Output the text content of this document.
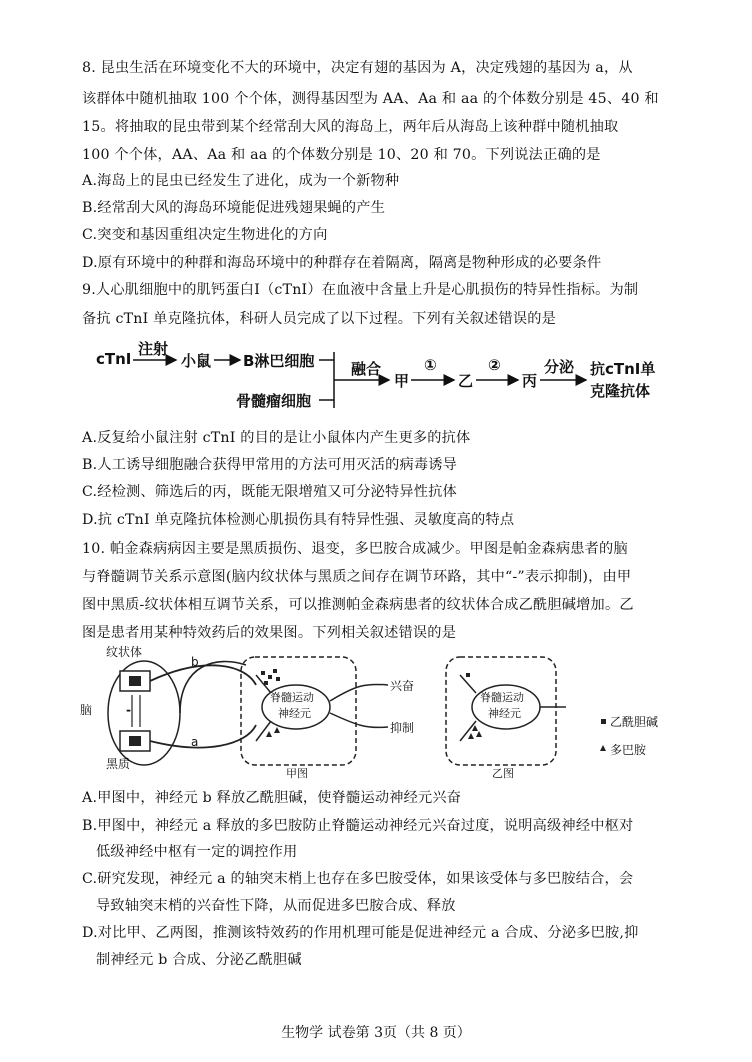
8. 昆虫生活在环境变化不大的环境中，决定有翅的基因为 A，决定残翅的基因为 a，从
该群体中随机抽取 100 个个体，测得基因型为 AA、Aa 和 aa 的个体数分别是 45、40 和
15。将抽取的昆虫带到某个经常刮大风的海岛上，两年后从海岛上该种群中随机抽取
100 个个体，AA、Aa 和 aa 的个体数分别是 10、20 和 70。下列说法正确的是
A.海岛上的昆虫已经发生了进化，成为一个新物种
B.经常刮大风的海岛环境能促进残翅果蝇的产生
C.突变和基因重组决定生物进化的方向
D.原有环境中的种群和海岛环境中的种群存在着隔离，隔离是物种形成的必要条件
9.人心肌细胞中的肌钙蛋白Ⅰ（cTnI）在血液中含量上升是心肌损伤的特异性指标。为制
备抗 cTnI 单克隆抗体，科研人员完成了以下过程。下列有关叙述错误的是
cTnI
注射
小鼠 B淋巴细胞
骨髓瘤细胞
融合
甲
①
乙
②
丙
分泌 抗cTnI单
克隆抗体
A.反复给小鼠注射 cTnI 的目的是让小鼠体内产生更多的抗体
B.人工诱导细胞融合获得甲常用的方法可用灭活的病毒诱导
C.经检测、筛选后的丙，既能无限增殖又可分泌特异性抗体
D.抗 cTnI 单克隆抗体检测心肌损伤具有特异性强、灵敏度高的特点
10. 帕金森病病因主要是黑质损伤、退变，多巴胺合成减少。甲图是帕金森病患者的脑
与脊髓调节关系示意图(脑内纹状体与黑质之间存在调节环路，其中“-”表示抑制)，由甲
图中黑质-纹状体相互调节关系，可以推测帕金森病患者的纹状体合成乙酰胆碱增加。乙
图是患者用某种特效药后的效果图。下列相关叙述错误的是
纹状体
脑
黑质
-
b
a
脊髓运动
神经元
兴奋
抑制
脊髓运动
神经元
甲图	乙图
乙酰胆碱
多巴胺
A.甲图中，神经元 b 释放乙酰胆碱，使脊髓运动神经元兴奋
B.甲图中，神经元 a 释放的多巴胺防止脊髓运动神经元兴奋过度，说明高级神经中枢对
低级神经中枢有一定的调控作用
C.研究发现，神经元 a 的轴突末梢上也存在多巴胺受体，如果该受体与多巴胺结合，会
导致轴突末梢的兴奋性下降，从而促进多巴胺合成、释放
D.对比甲、乙两图，推测该特效药的作用机理可能是促进神经元 a 合成、分泌多巴胺,抑
制神经元 b 合成、分泌乙酰胆碱
生物学 试卷第 3页（共 8 页）
